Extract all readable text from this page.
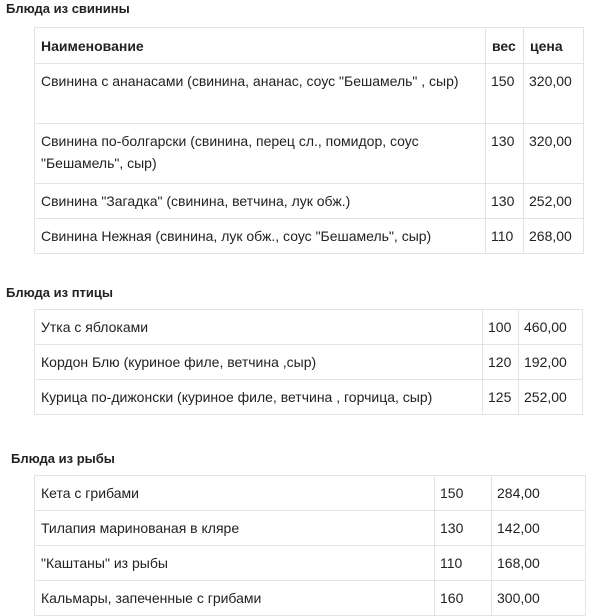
Блюда из свинины
Наименование	вес	цена
Свинина с ананасами (свинина, ананас, соус "Бешамель" , сыр)	150	320,00
Свинина по-болгарски (свинина, перец сл., помидор, соус "Бешамель", сыр)	130	320,00
Свинина "Загадка" (свинина, ветчина, лук обж.)	130	252,00
Свинина Нежная (свинина, лук обж., соус "Бешамель", сыр)	110	268,00
Блюда из птицы
Утка с яблоками	100	460,00
Кордон Блю (куриное филе, ветчина ,сыр)	120	192,00
Курица по-дижонски (куриное филе, ветчина , горчица, сыр)	125	252,00
Блюда из рыбы
Кета с грибами	150	284,00
Тилапия маринованая в кляре	130	142,00
"Каштаны" из рыбы	110	168,00
Кальмары, запеченные с грибами	160	300,00
